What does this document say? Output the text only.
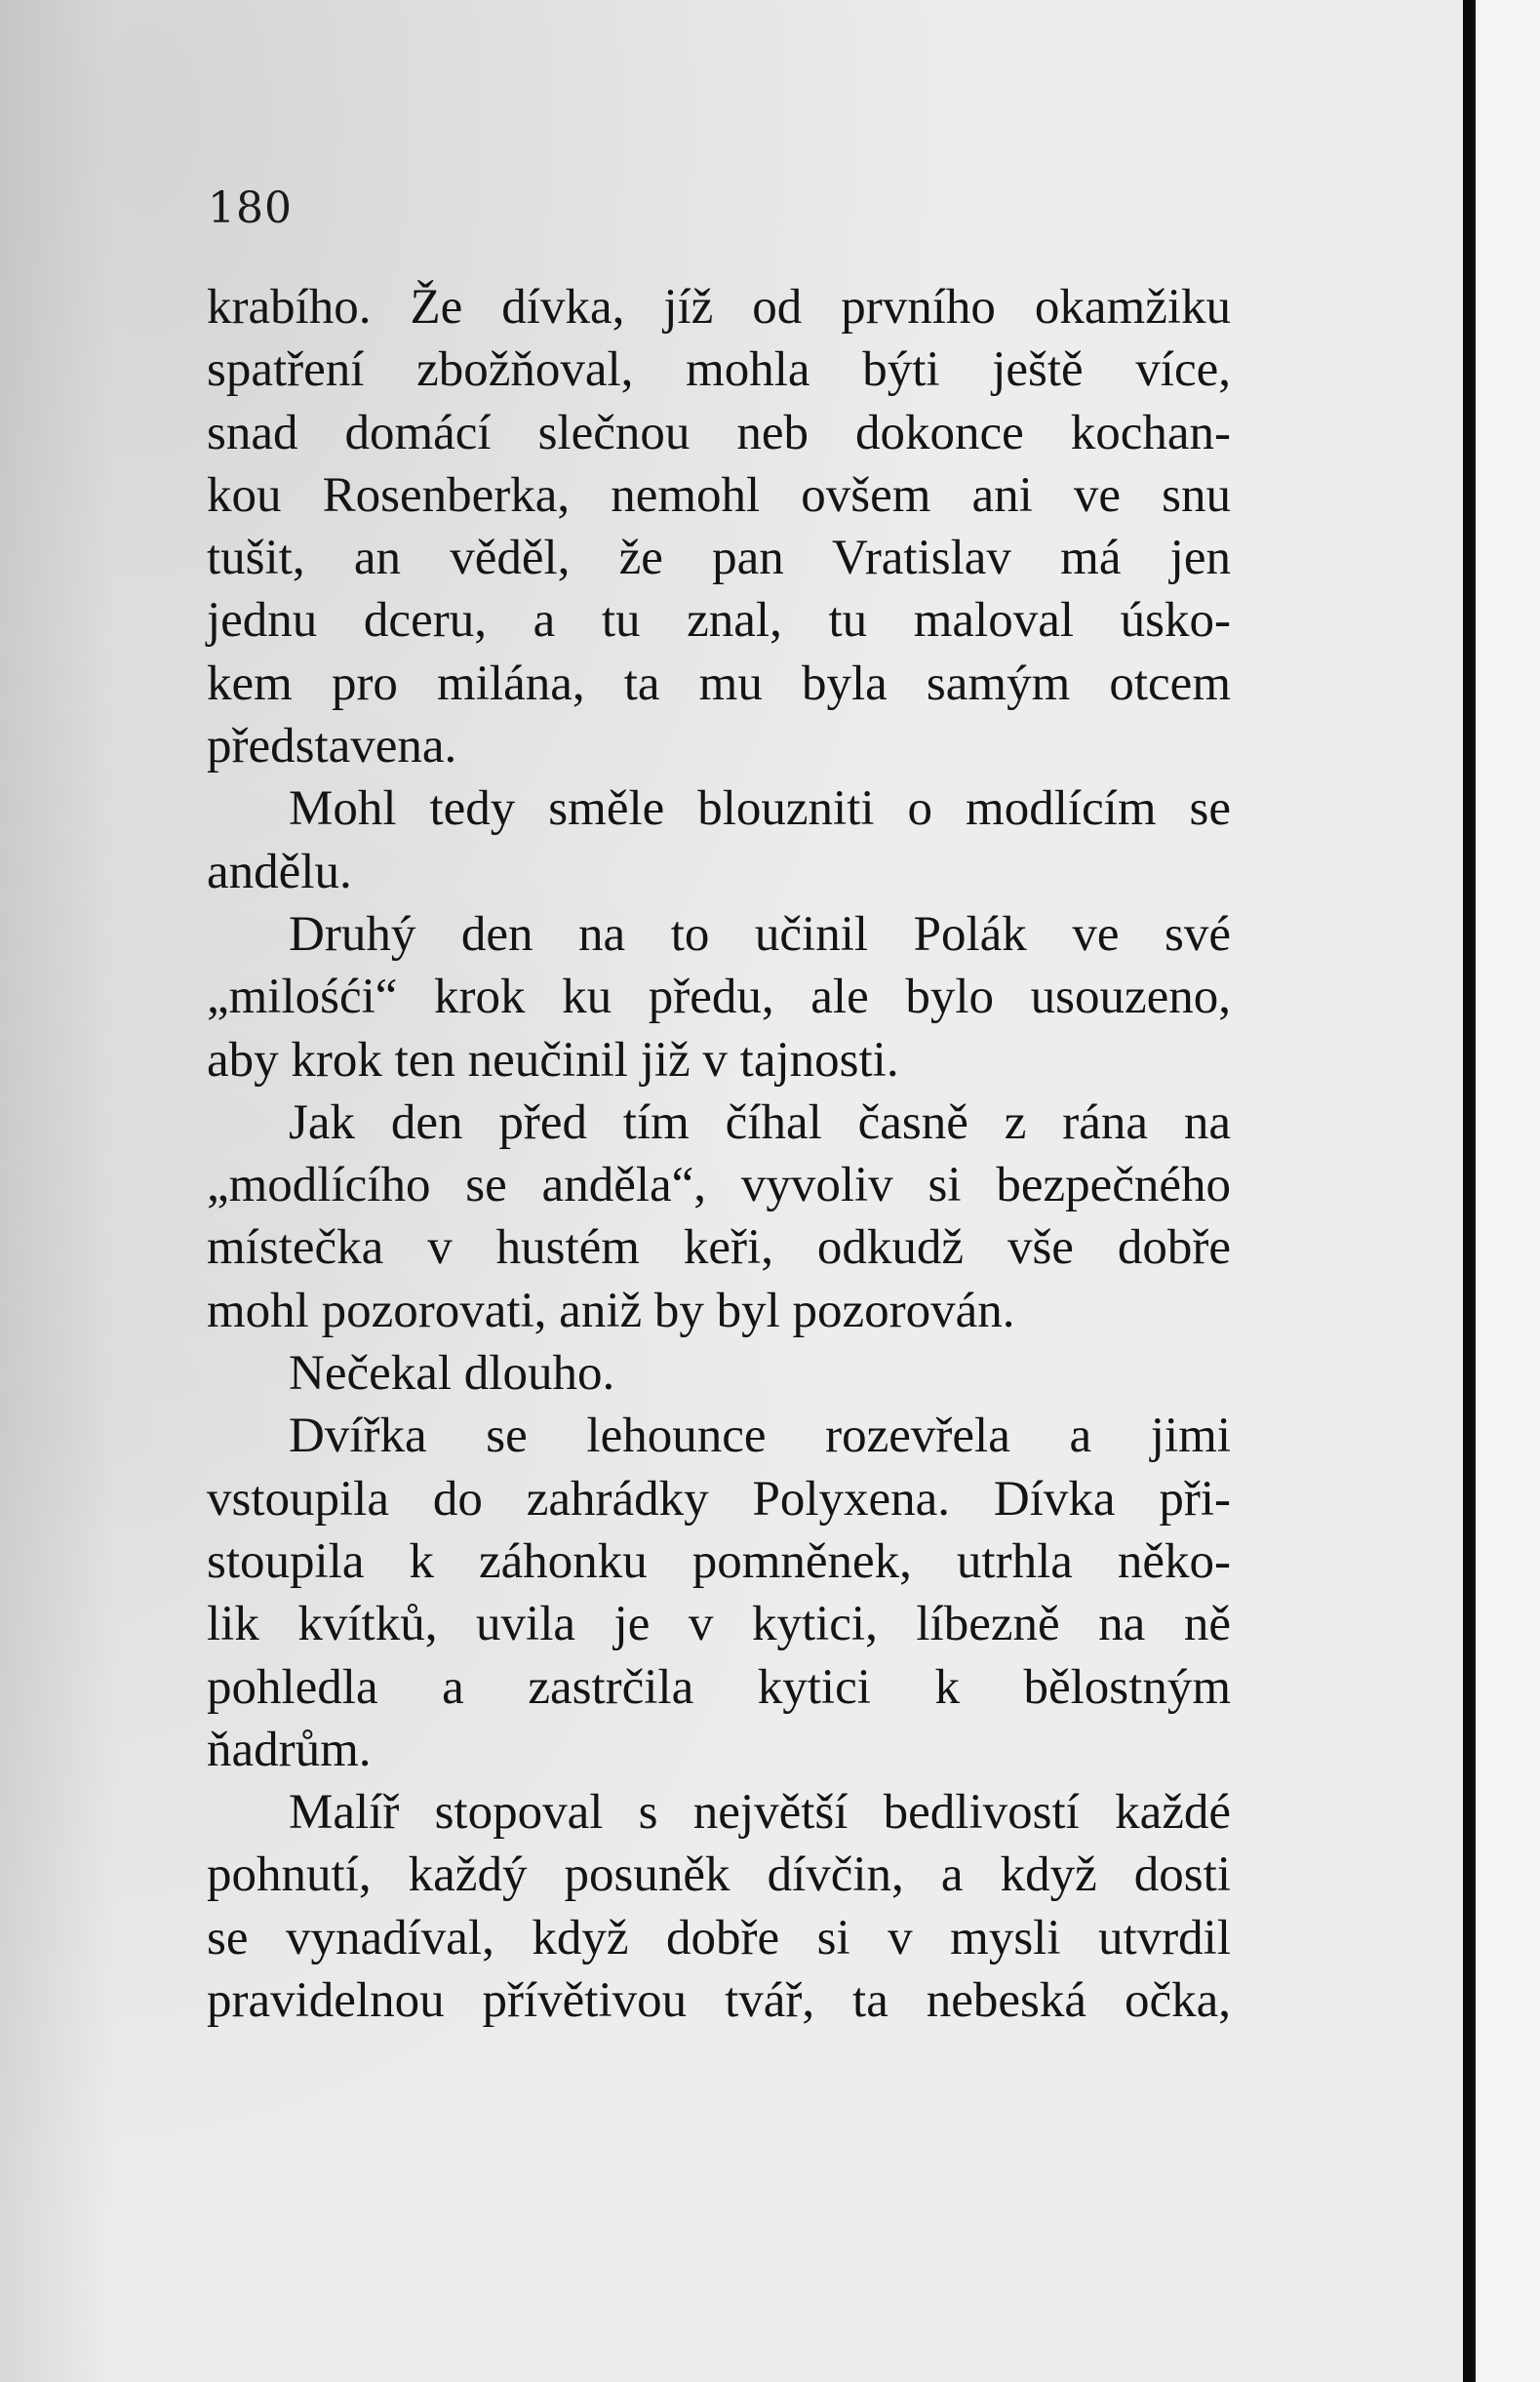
180
krabího. Že dívka, jíž od prvního okamžiku
spatření zbožňoval, mohla býti ještě více,
snad domácí slečnou neb dokonce kochan-
kou Rosenberka, nemohl ovšem ani ve snu
tušit, an věděl, že pan Vratislav má jen
jednu dceru, a tu znal, tu maloval úsko-
kem pro milána, ta mu byla samým otcem
představena.
Mohl tedy směle blouzniti o modlícím se
andělu.
Druhý den na to učinil Polák ve své
„milośći“ krok ku předu, ale bylo usouzeno,
aby krok ten neučinil již v tajnosti.
Jak den před tím číhal časně z rána na
„modlícího se anděla“, vyvoliv si bezpečného
místečka v hustém keři, odkudž vše dobře
mohl pozorovati, aniž by byl pozorován.
Nečekal dlouho.
Dvířka se lehounce rozevřela a jimi
vstoupila do zahrádky Polyxena. Dívka při-
stoupila k záhonku pomněnek, utrhla něko-
lik kvítků, uvila je v kytici, líbezně na ně
pohledla a zastrčila kytici k bělostným
ňadrům.
Malíř stopoval s největší bedlivostí každé
pohnutí, každý posuněk dívčin, a když dosti
se vynadíval, když dobře si v mysli utvrdil
pravidelnou přívětivou tvář, ta nebeská očka,
